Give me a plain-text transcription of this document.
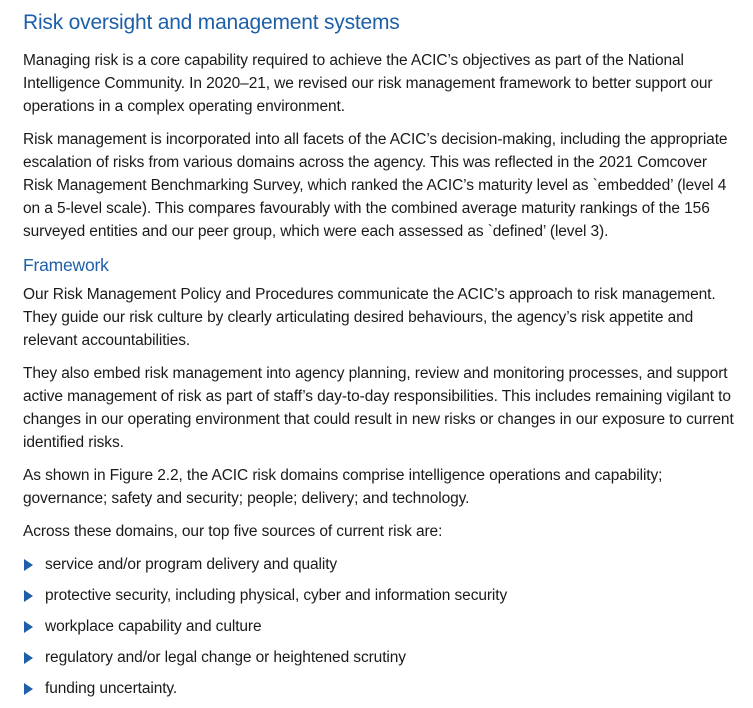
Risk oversight and management systems

Managing risk is a core capability required to achieve the ACIC’s objectives as part of the National Intelligence Community. In 2020–21, we revised our risk management framework to better support our operations in a complex operating environment.

Risk management is incorporated into all facets of the ACIC’s decision-making, including the appropriate escalation of risks from various domains across the agency. This was reflected in the 2021 Comcover Risk Management Benchmarking Survey, which ranked the ACIC’s maturity level as `embedded’ (level 4 on a 5-level scale). This compares favourably with the combined average maturity rankings of the 156 surveyed entities and our peer group, which were each assessed as `defined’ (level 3).

Framework

Our Risk Management Policy and Procedures communicate the ACIC’s approach to risk management. They guide our risk culture by clearly articulating desired behaviours, the agency’s risk appetite and relevant accountabilities.

They also embed risk management into agency planning, review and monitoring processes, and support active management of risk as part of staff’s day-to-day responsibilities. This includes remaining vigilant to changes in our operating environment that could result in new risks or changes in our exposure to current identified risks.

As shown in Figure 2.2, the ACIC risk domains comprise intelligence operations and capability; governance; safety and security; people; delivery; and technology.

Across these domains, our top five sources of current risk are:

service and/or program delivery and quality
protective security, including physical, cyber and information security
workplace capability and culture
regulatory and/or legal change or heightened scrutiny
funding uncertainty.
